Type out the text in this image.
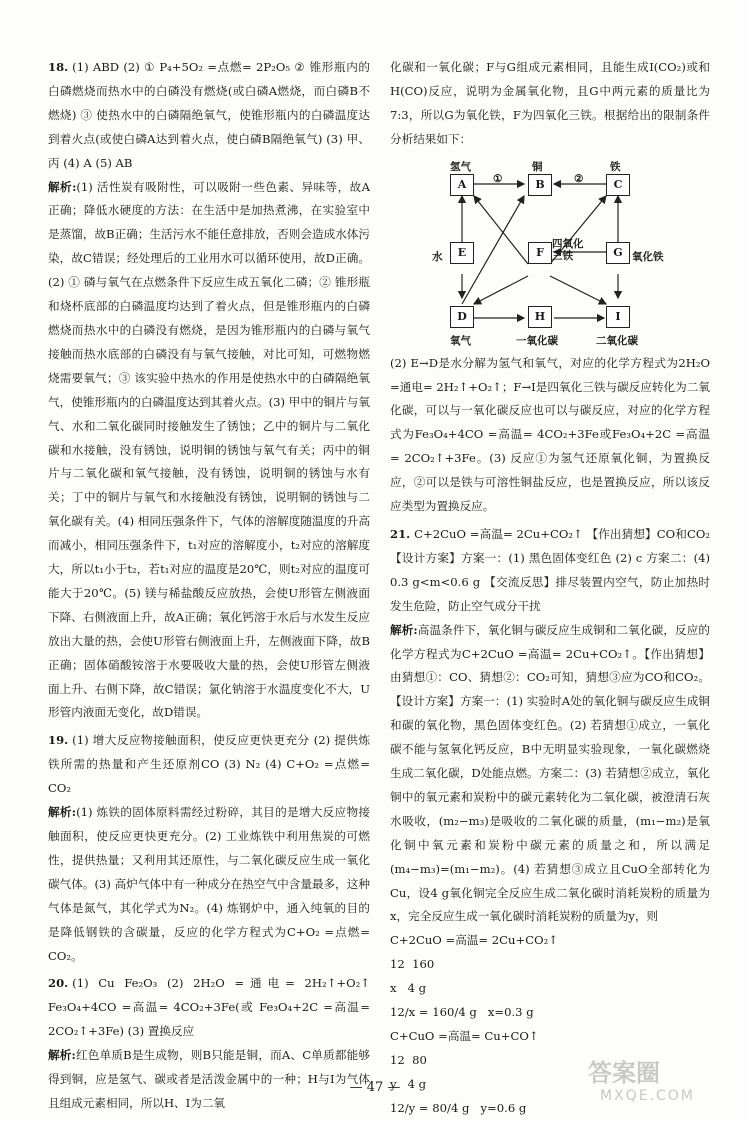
18. (1) ABD (2) ① P₄+5O₂ =点燃= 2P₂O₅ ② 锥形瓶内的白磷燃烧而热水中的白磷没有燃烧(或白磷A燃烧，而白磷B不燃烧) ③ 使热水中的白磷隔绝氧气，使锥形瓶内的白磷温度达到着火点(或使白磷A达到着火点，使白磷B隔绝氧气) (3) 甲、丙 (4) A (5) AB

解析:(1) 活性炭有吸附性，可以吸附一些色素、异味等，故A正确；降低水硬度的方法：在生活中是加热煮沸，在实验室中是蒸馏，故B正确；生活污水不能任意排放，否则会造成水体污染，故C错误；经处理后的工业用水可以循环使用，故D正确。(2) ① 磷与氧气在点燃条件下反应生成五氧化二磷；② 锥形瓶和烧杯底部的白磷温度均达到了着火点，但是锥形瓶内的白磷燃烧而热水中的白磷没有燃烧，是因为锥形瓶内的白磷与氧气接触而热水底部的白磷没有与氧气接触，对比可知，可燃物燃烧需要氧气；③ 该实验中热水的作用是使热水中的白磷隔绝氧气，使锥形瓶内的白磷温度达到其着火点。(3) 甲中的铜片与氧气、水和二氧化碳同时接触发生了锈蚀；乙中的铜片与二氧化碳和水接触，没有锈蚀，说明铜的锈蚀与氧气有关；丙中的铜片与二氧化碳和氧气接触，没有锈蚀，说明铜的锈蚀与水有关；丁中的铜片与氧气和水接触没有锈蚀，说明铜的锈蚀与二氧化碳有关。(4) 相同压强条件下，气体的溶解度随温度的升高而减小，相同压强条件下，t₁对应的溶解度小，t₂对应的溶解度大，所以t₁小于t₂，若t₁对应的温度是20℃，则t₂对应的温度可能大于20℃。(5) 镁与稀盐酸反应放热，会使U形管左侧液面下降、右侧液面上升，故A正确；氧化钙溶于水后与水发生反应放出大量的热，会使U形管右侧液面上升，左侧液面下降，故B正确；固体硝酸铵溶于水要吸收大量的热，会使U形管左侧液面上升、右侧下降，故C错误；氯化钠溶于水温度变化不大，U形管内液面无变化，故D错误。

19. (1) 增大反应物接触面积，使反应更快更充分 (2) 提供炼铁所需的热量和产生还原剂CO (3) N₂ (4) C+O₂ =点燃= CO₂

解析:(1) 炼铁的固体原料需经过粉碎，其目的是增大反应物接触面积，使反应更快更充分。(2) 工业炼铁中利用焦炭的可燃性，提供热量；又利用其还原性，与二氧化碳反应生成一氧化碳气体。(3) 高炉气体中有一种成分在热空气中含量最多，这种气体是氮气，其化学式为N₂。(4) 炼钢炉中，通入纯氧的目的是降低钢铁的含碳量，反应的化学方程式为C+O₂ =点燃= CO₂。

20. (1) Cu Fe₂O₃ (2) 2H₂O =通电= 2H₂↑+O₂↑ Fe₃O₄+4CO =高温= 4CO₂+3Fe(或 Fe₃O₄+2C =高温= 2CO₂↑+3Fe) (3) 置换反应

解析:红色单质B是生成物，则B只能是铜，而A、C单质都能够得到铜，应是氢气、碳或者是活泼金属中的一种；H与I为气体且组成元素相同，所以H、I为二氧

化碳和一氧化碳；F与G组成元素相同，且能生成I(CO₂)或和H(CO)反应，说明为金属氧化物，且G中两元素的质量比为7:3，所以G为氧化铁，F为四氧化三铁。根据给出的限制条件分析结果如下：

A	B	C
E	F	G
D	H	I
氢气	铜	铁
水
四氧化三铁	氧化铁
氧气	一氧化碳	二氧化碳
①	②

(2) E→D是水分解为氢气和氧气，对应的化学方程式为2H₂O =通电= 2H₂↑+O₂↑；F→I是四氧化三铁与碳反应转化为二氧化碳，可以与一氧化碳反应也可以与碳反应，对应的化学方程式为Fe₃O₄+4CO =高温= 4CO₂+3Fe或Fe₃O₄+2C =高温= 2CO₂↑+3Fe。(3) 反应①为氢气还原氧化铜，为置换反应，②可以是铁与可溶性铜盐反应，也是置换反应，所以该反应类型为置换反应。

21. C+2CuO =高温= 2Cu+CO₂↑ 【作出猜想】CO和CO₂ 【设计方案】方案一：(1) 黑色固体变红色 (2) c 方案二：(4) 0.3 g<m<0.6 g 【交流反思】排尽装置内空气，防止加热时发生危险，防止空气成分干扰

解析:高温条件下，氧化铜与碳反应生成铜和二氧化碳，反应的化学方程式为C+2CuO =高温= 2Cu+CO₂↑。【作出猜想】由猜想①：CO、猜想②：CO₂可知，猜想③应为CO和CO₂。【设计方案】方案一：(1) 实验时A处的氧化铜与碳反应生成铜和碳的氧化物，黑色固体变红色。(2) 若猜想①成立，一氧化碳不能与氢氧化钙反应，B中无明显实验现象，一氧化碳燃烧生成二氧化碳，D处能点燃。方案二：(3) 若猜想②成立，氧化铜中的氧元素和炭粉中的碳元素转化为二氧化碳，被澄清石灰水吸收，(m₂−m₃)是吸收的二氧化碳的质量，(m₁−m₂)是氧化铜中氧元素和炭粉中碳元素的质量之和，所以满足(m₄−m₃)=(m₁−m₂)。(4) 若猜想③成立且CuO全部转化为Cu，设4 g氧化铜完全反应生成二氧化碳时消耗炭粉的质量为x，完全反应生成一氧化碳时消耗炭粉的质量为y，则

C+2CuO =高温= 2Cu+CO₂↑

12  160

x   4 g

12/x = 160/4 g   x=0.3 g

C+CuO =高温= Cu+CO↑

12  80

y   4 g

12/y = 80/4 g   y=0.6 g

— 47 —
答案圈
MXQE.COM
